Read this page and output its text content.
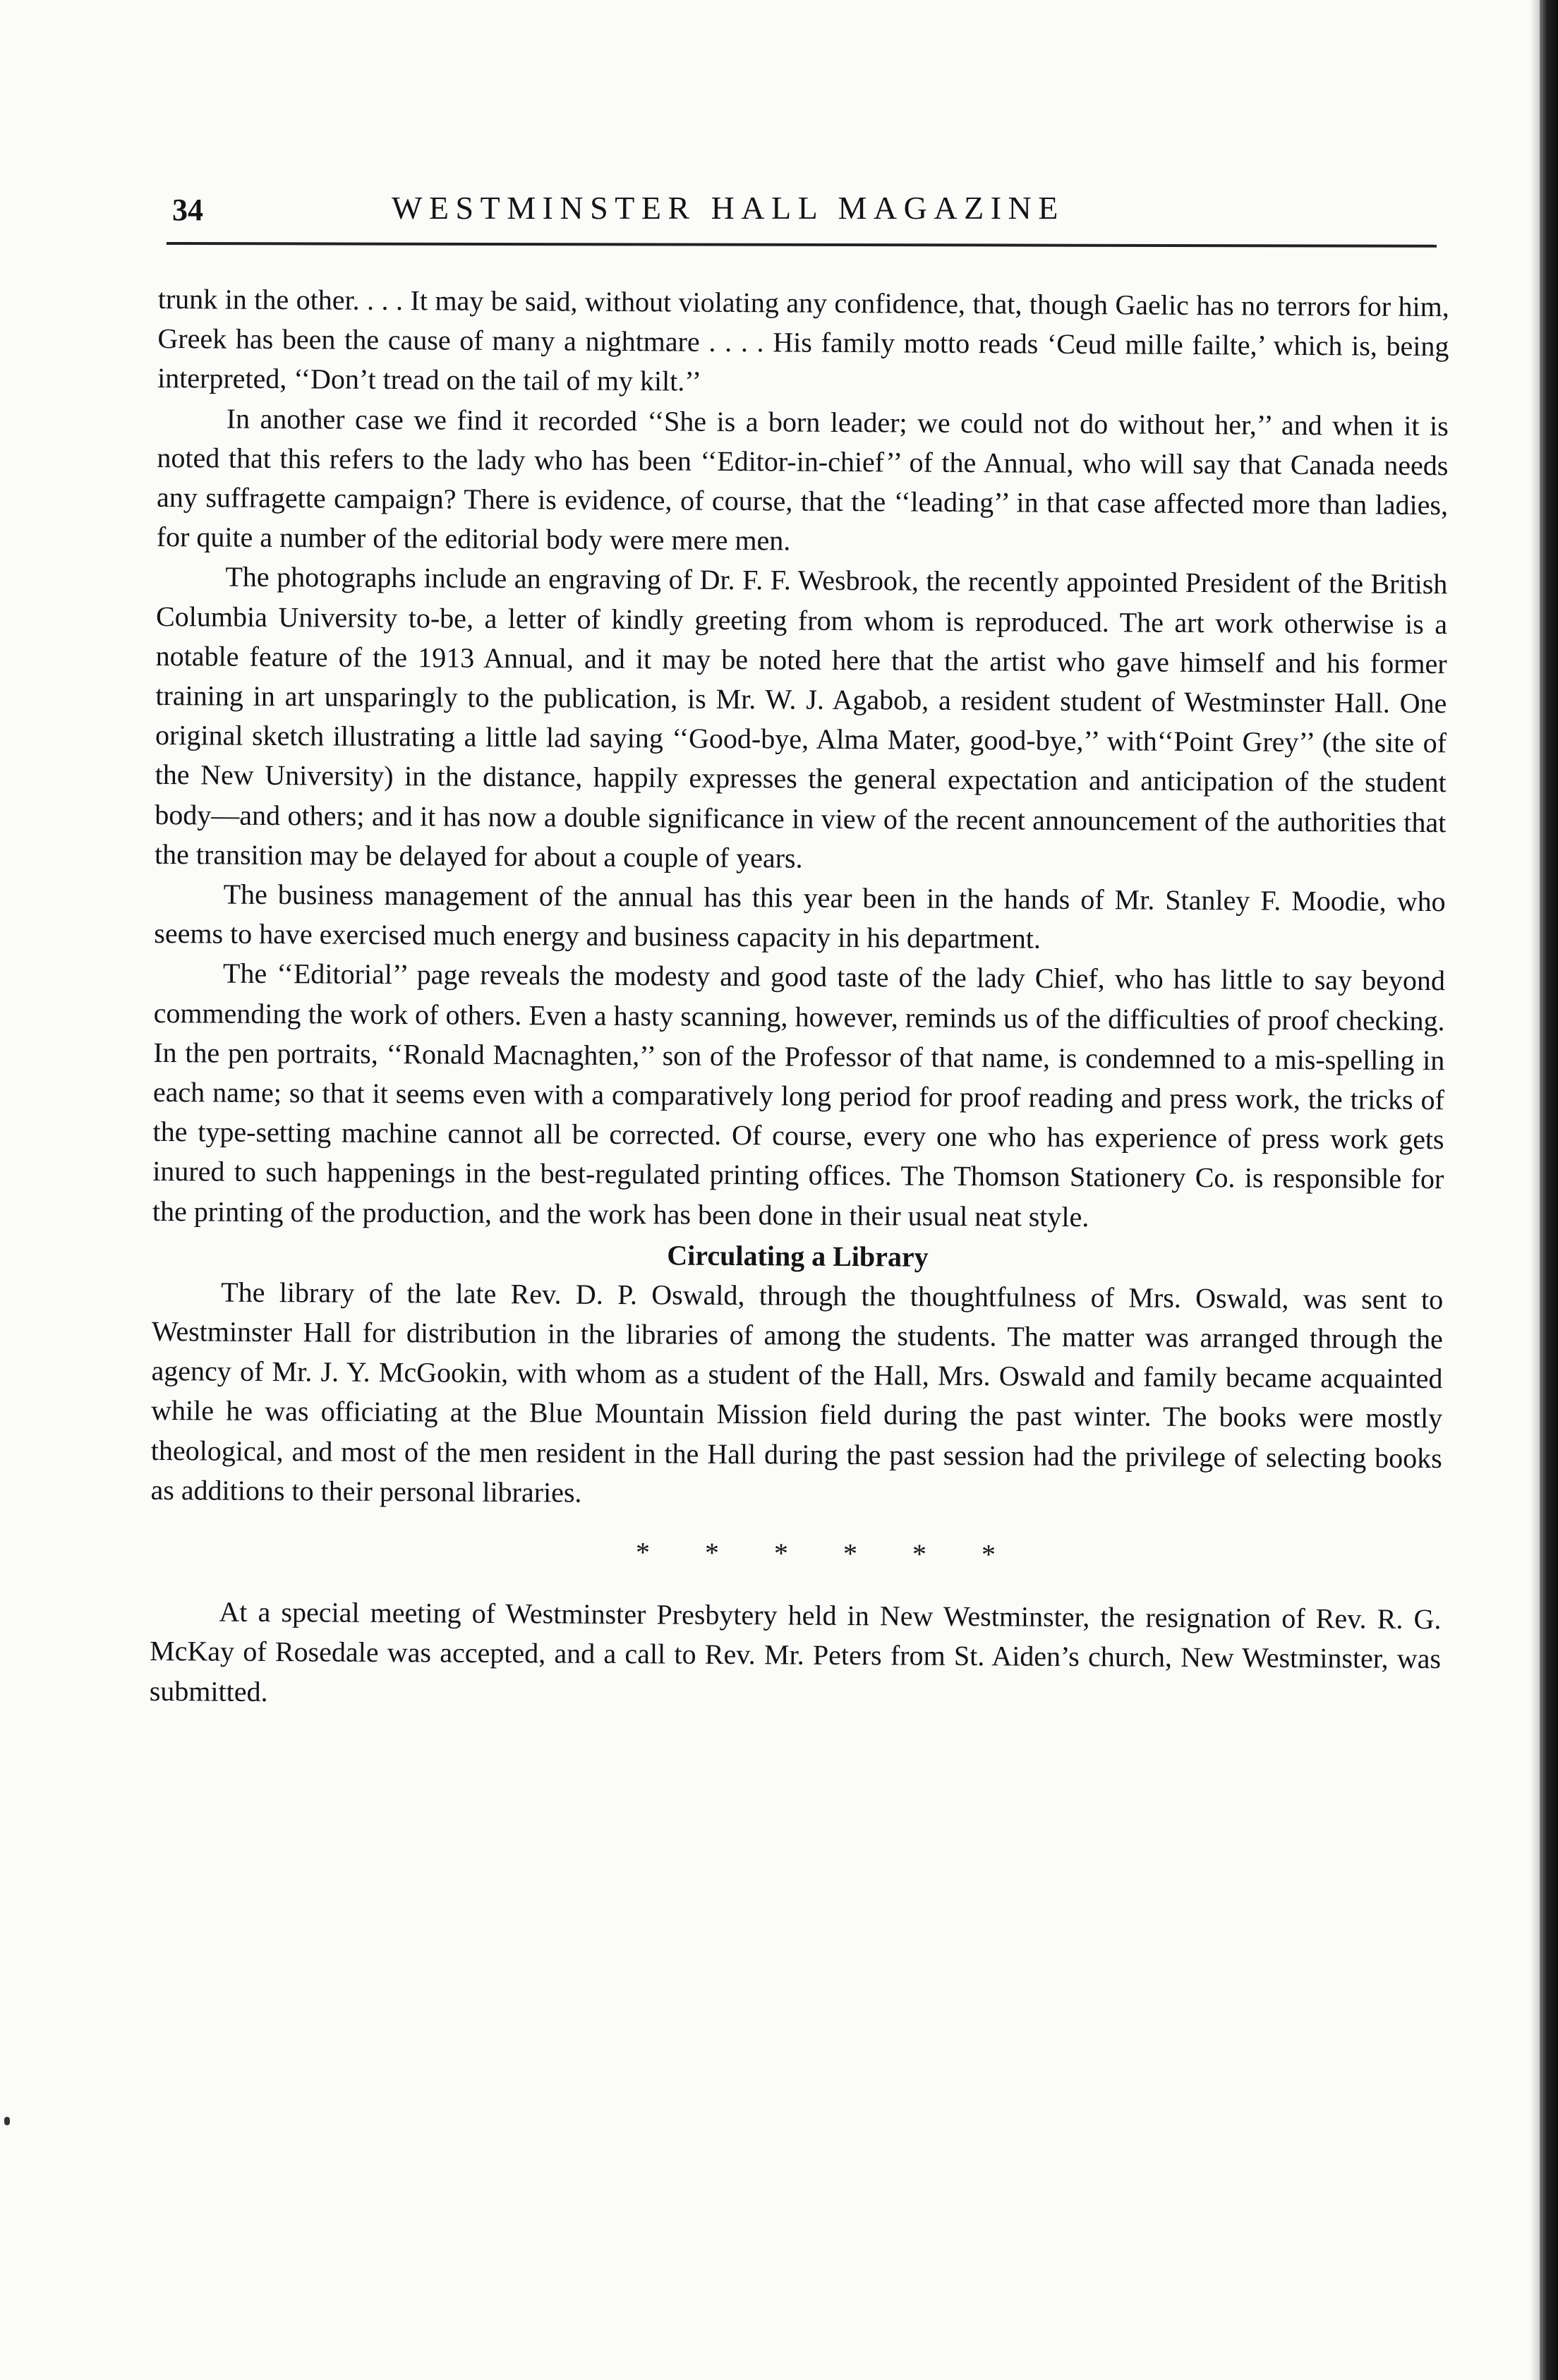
34	WESTMINSTER HALL MAGAZINE

trunk in the other. . . . It may be said, without violating any confidence, that, though Gaelic has no terrors for him, Greek has been the cause of many a nightmare . . . . His family motto reads ‘Ceud mille failte,’ which is, being interpreted, ‘‘Don’t tread on the tail of my kilt.’’

In another case we find it recorded ‘‘She is a born leader; we could not do without her,’’ and when it is noted that this refers to the lady who has been ‘‘Editor-in-chief’’ of the Annual, who will say that Canada needs any suffragette campaign? There is evidence, of course, that the ‘‘leading’’ in that case affected more than ladies, for quite a number of the editorial body were mere men.

The photographs include an engraving of Dr. F. F. Wesbrook, the recently appointed President of the British Columbia University to-be, a letter of kindly greeting from whom is reproduced. The art work otherwise is a notable feature of the 1913 Annual, and it may be noted here that the artist who gave himself and his former training in art unsparingly to the publication, is Mr. W. J. Agabob, a resident student of Westminster Hall. One original sketch illustrating a little lad saying ‘‘Good-bye, Alma Mater, good-bye,’’ with‘‘Point Grey’’ (the site of the New University) in the distance, happily expresses the general expectation and anticipation of the student body—and others; and it has now a double significance in view of the recent announcement of the authorities that the transition may be delayed for about a couple of years.

The business management of the annual has this year been in the hands of Mr. Stanley F. Moodie, who seems to have exercised much energy and business capacity in his department.

The ‘‘Editorial’’ page reveals the modesty and good taste of the lady Chief, who has little to say beyond commending the work of others. Even a hasty scanning, however, reminds us of the difficulties of proof checking. In the pen portraits, ‘‘Ronald Macnaghten,’’ son of the Professor of that name, is condemned to a mis-spelling in each name; so that it seems even with a comparatively long period for proof reading and press work, the tricks of the type-setting machine cannot all be corrected. Of course, every one who has experience of press work gets inured to such happenings in the best-regulated printing offices. The Thomson Stationery Co. is responsible for the printing of the production, and the work has been done in their usual neat style.

Circulating a Library

The library of the late Rev. D. P. Oswald, through the thoughtfulness of Mrs. Oswald, was sent to Westminster Hall for distribution in the libraries of among the students. The matter was arranged through the agency of Mr. J. Y. McGookin, with whom as a student of the Hall, Mrs. Oswald and family became acquainted while he was officiating at the Blue Mountain Mission field during the past winter. The books were mostly theological, and most of the men resident in the Hall during the past session had the privilege of selecting books as additions to their personal libraries.

* * * * * *

At a special meeting of Westminster Presbytery held in New Westminster, the resignation of Rev. R. G. McKay of Rosedale was accepted, and a call to Rev. Mr. Peters from St. Aiden’s church, New Westminster, was submitted.
